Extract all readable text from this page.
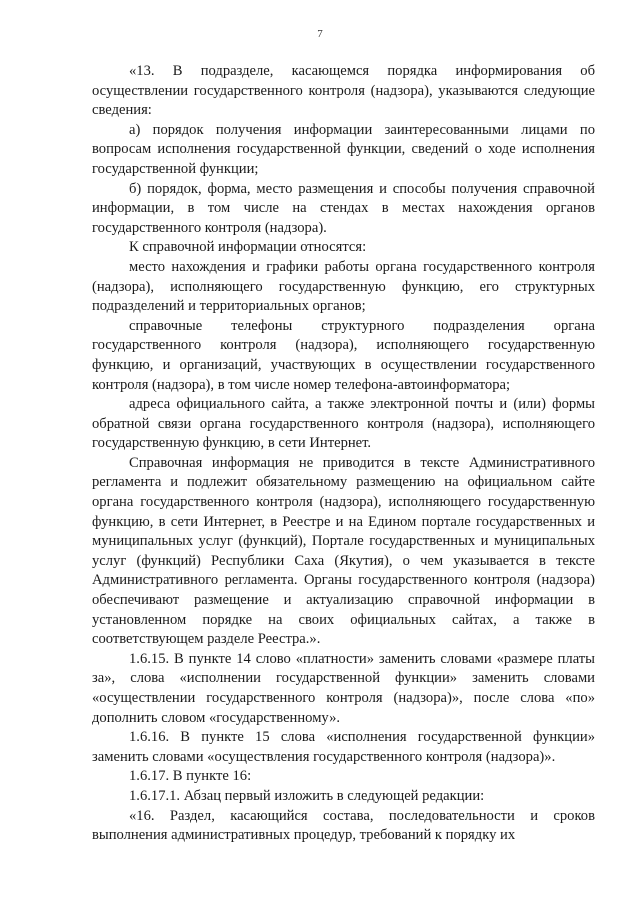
7

«13. В подразделе, касающемся порядка информирования об осуществлении государственного контроля (надзора), указываются следующие сведения:

а) порядок получения информации заинтересованными лицами по вопросам исполнения государственной функции, сведений о ходе исполнения государственной функции;

б) порядок, форма, место размещения и способы получения справочной информации, в том числе на стендах в местах нахождения органов государственного контроля (надзора).

К справочной информации относятся:

место нахождения и графики работы органа государственного контроля (надзора), исполняющего государственную функцию, его структурных подразделений и территориальных органов;

справочные телефоны структурного подразделения органа государственного контроля (надзора), исполняющего государственную функцию, и организаций, участвующих в осуществлении государственного контроля (надзора), в том числе номер телефона-автоинформатора;

адреса официального сайта, а также электронной почты и (или) формы обратной связи органа государственного контроля (надзора), исполняющего государственную функцию, в сети Интернет.

Справочная информация не приводится в тексте Административного регламента и подлежит обязательному размещению на официальном сайте органа государственного контроля (надзора), исполняющего государственную функцию, в сети Интернет, в Реестре и на Едином портале государственных и муниципальных услуг (функций), Портале государственных и муниципальных услуг (функций) Республики Саха (Якутия), о чем указывается в тексте Административного регламента. Органы государственного контроля (надзора) обеспечивают размещение и актуализацию справочной информации в установленном порядке на своих официальных сайтах, а также в соответствующем разделе Реестра.».

1.6.15. В пункте 14 слово «платности» заменить словами «размере платы за», слова «исполнении государственной функции» заменить словами «осуществлении государственного контроля (надзора)», после слова «по» дополнить словом «государственному».

1.6.16. В пункте 15 слова «исполнения государственной функции» заменить словами «осуществления государственного контроля (надзора)».

1.6.17. В пункте 16:

1.6.17.1. Абзац первый изложить в следующей редакции:

«16. Раздел, касающийся состава, последовательности и сроков выполнения административных процедур, требований к порядку их
